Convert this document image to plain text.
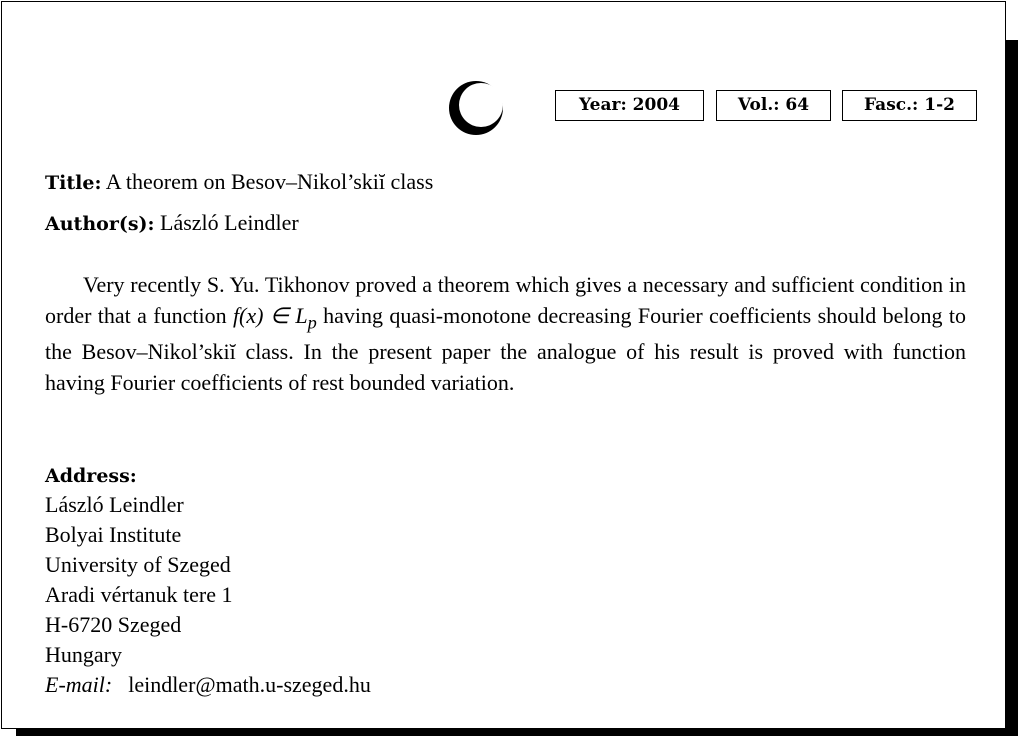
Year: 2004	Vol.: 64	Fasc.: 1-2
Title: A theorem on Besov–Nikol’skiĭ class
Author(s): László Leindler

Very recently S. Yu. Tikhonov proved a theorem which gives a necessary and sufficient condition in order that a function f(x) ∈ $L_p$ having quasi-monotone decreasing Fourier coefficients should belong to the Besov–Nikol’skiĭ class. In the present paper the analogue of his result is proved with function having Fourier coefficients of rest bounded variation.

Address:
László Leindler
Bolyai Institute
University of Szeged
Aradi vértanuk tere 1
H-6720 Szeged
Hungary
E-mail: leindler@math.u-szeged.hu
